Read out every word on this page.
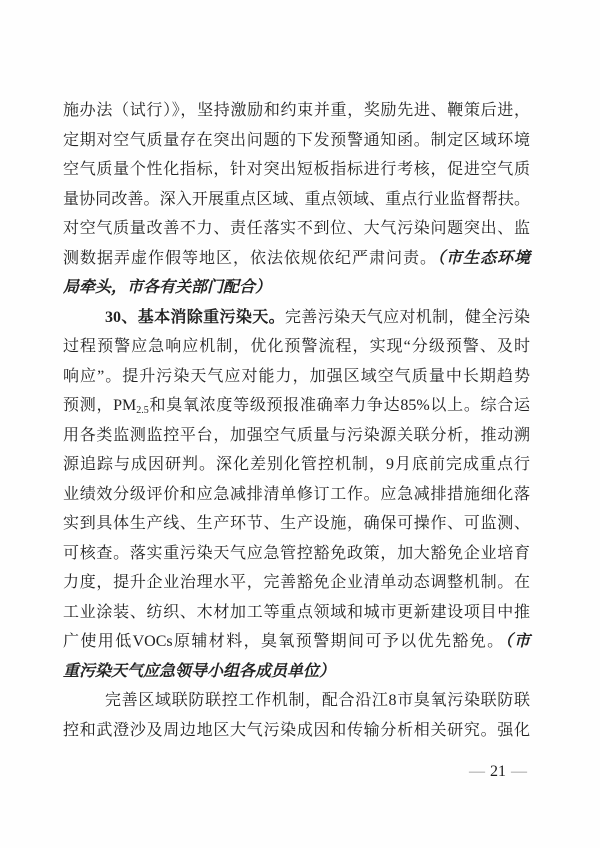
施办法（试行）》，坚持激励和约束并重，奖励先进、鞭策后进，
定期对空气质量存在突出问题的下发预警通知函。制定区域环境
空气质量个性化指标，针对突出短板指标进行考核，促进空气质
量协同改善。深入开展重点区域、重点领域、重点行业监督帮扶。
对空气质量改善不力、责任落实不到位、大气污染问题突出、监
测数据弄虚作假等地区，依法依规依纪严肃问责。（市生态环境
局牵头，市各有关部门配合）
30、基本消除重污染天。完善污染天气应对机制，健全污染
过程预警应急响应机制，优化预警流程，实现“分级预警、及时
响应”。提升污染天气应对能力，加强区域空气质量中长期趋势
预测，PM2.5和臭氧浓度等级预报准确率力争达85%以上。综合运
用各类监测监控平台，加强空气质量与污染源关联分析，推动溯
源追踪与成因研判。深化差别化管控机制，9月底前完成重点行
业绩效分级评价和应急减排清单修订工作。应急减排措施细化落
实到具体生产线、生产环节、生产设施，确保可操作、可监测、
可核查。落实重污染天气应急管控豁免政策，加大豁免企业培育
力度，提升企业治理水平，完善豁免企业清单动态调整机制。在
工业涂装、纺织、木材加工等重点领域和城市更新建设项目中推
广使用低VOCs原辅材料，臭氧预警期间可予以优先豁免。（市
重污染天气应急领导小组各成员单位）
完善区域联防联控工作机制，配合沿江8市臭氧污染联防联
控和武澄沙及周边地区大气污染成因和传输分析相关研究。强化
— 21 —
